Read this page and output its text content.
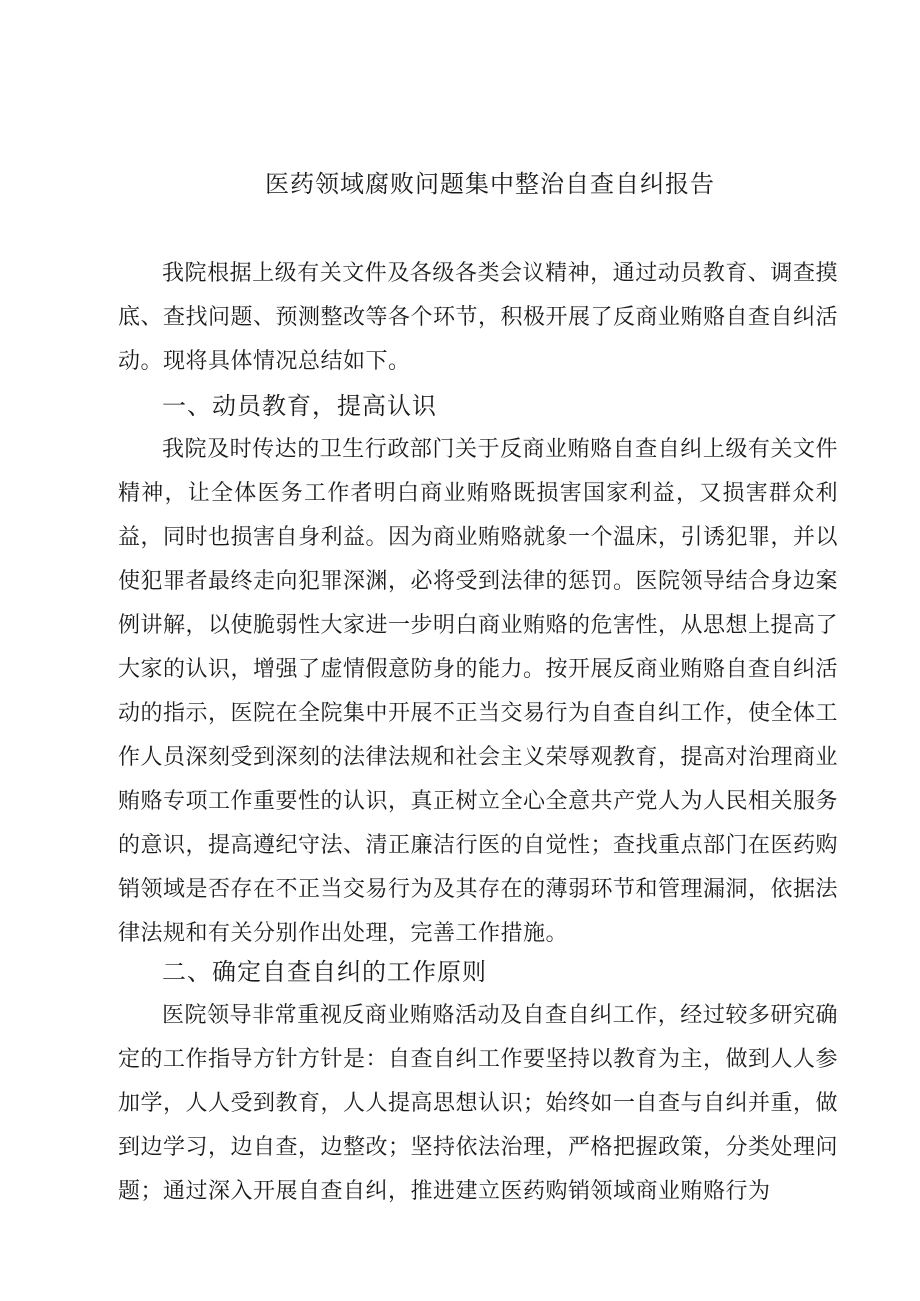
医药领域腐败问题集中整治自查自纠报告

我院根据上级有关文件及各级各类会议精神，通过动员教育、调查摸底、查找问题、预测整改等各个环节，积极开展了反商业贿赂自查自纠活动。现将具体情况总结如下。

一、动员教育，提高认识

我院及时传达的卫生行政部门关于反商业贿赂自查自纠上级有关文件精神，让全体医务工作者明白商业贿赂既损害国家利益，又损害群众利益，同时也损害自身利益。因为商业贿赂就象一个温床，引诱犯罪，并以使犯罪者最终走向犯罪深渊，必将受到法律的惩罚。医院领导结合身边案例讲解，以使脆弱性大家进一步明白商业贿赂的危害性，从思想上提高了大家的认识，增强了虚情假意防身的能力。按开展反商业贿赂自查自纠活动的指示，医院在全院集中开展不正当交易行为自查自纠工作，使全体工作人员深刻受到深刻的法律法规和社会主义荣辱观教育，提高对治理商业贿赂专项工作重要性的认识，真正树立全心全意共产党人为人民相关服务的意识，提高遵纪守法、清正廉洁行医的自觉性；查找重点部门在医药购销领域是否存在不正当交易行为及其存在的薄弱环节和管理漏洞，依据法律法规和有关分别作出处理，完善工作措施。

二、确定自查自纠的工作原则

医院领导非常重视反商业贿赂活动及自查自纠工作，经过较多研究确定的工作指导方针方针是：自查自纠工作要坚持以教育为主，做到人人参加学，人人受到教育，人人提高思想认识；始终如一自查与自纠并重，做到边学习，边自查，边整改；坚持依法治理，严格把握政策，分类处理问题；通过深入开展自查自纠，推进建立医药购销领域商业贿赂行为
